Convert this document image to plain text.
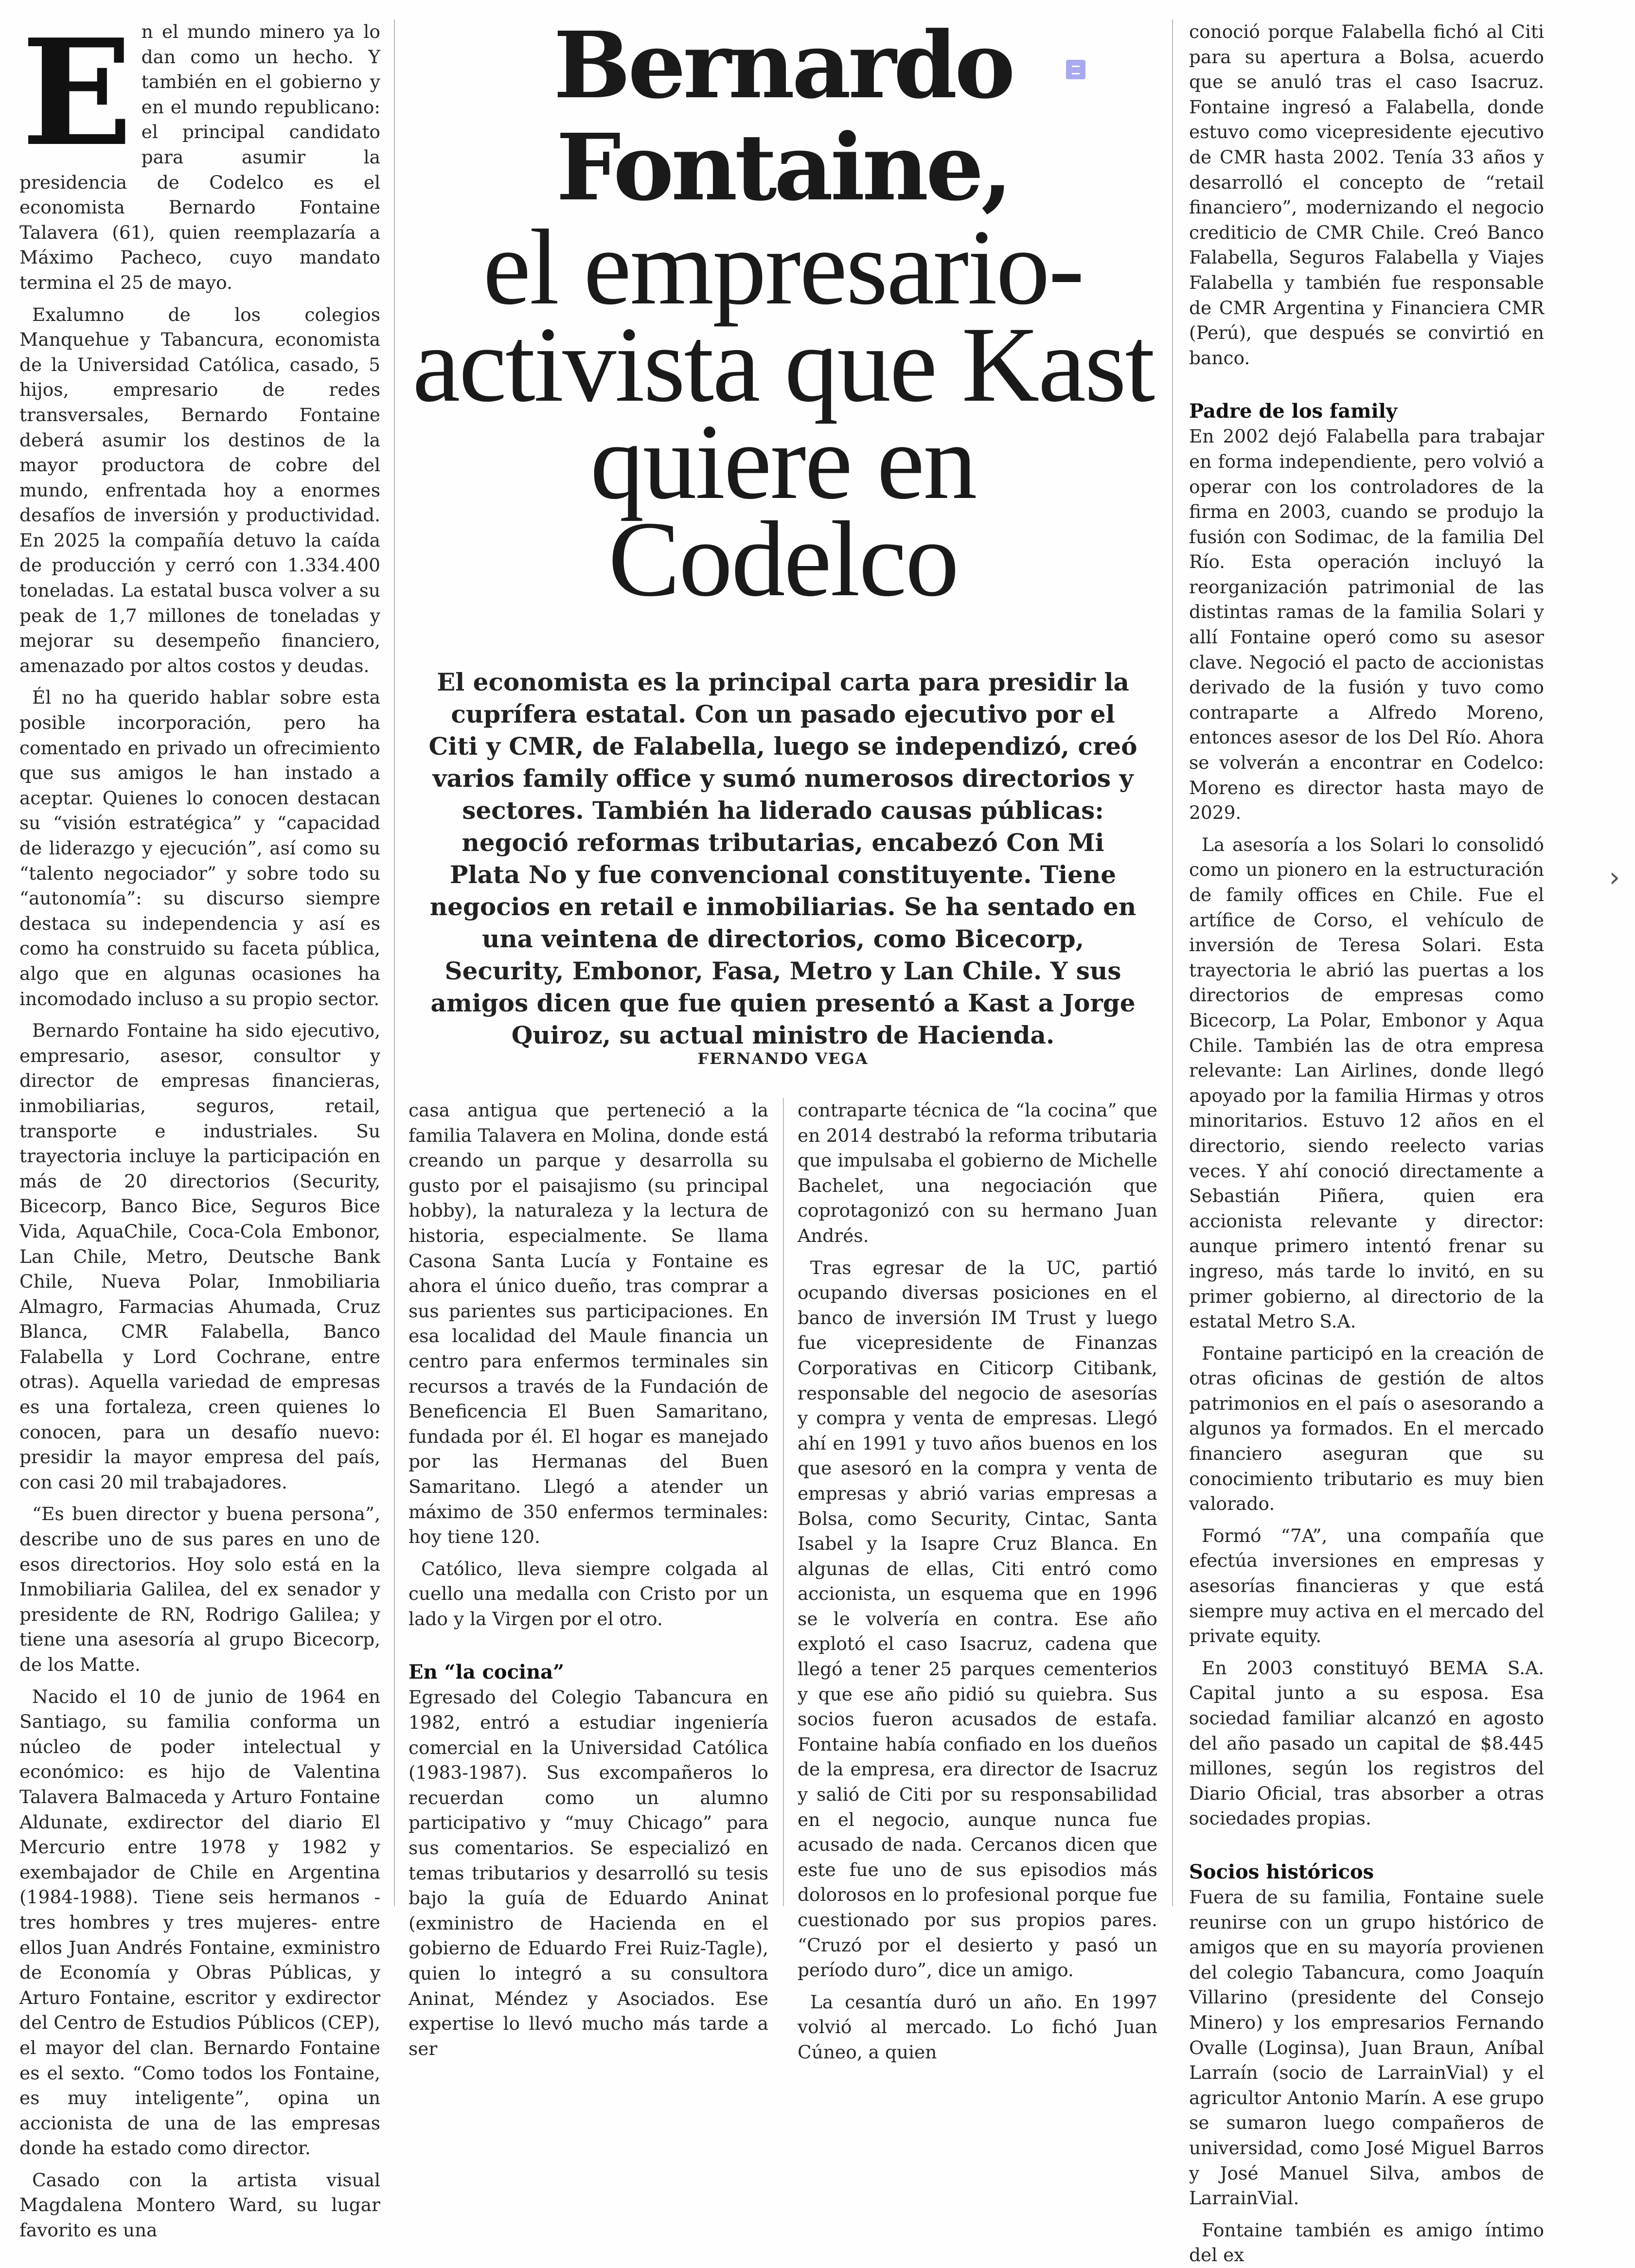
E n el mundo minero ya lo dan como un hecho. Y también en el gobierno y en el mundo republicano: el principal candidato para asumir la presidencia de Codelco es el economista Bernardo Fontaine Talavera (61), quien reemplazaría a Máximo Pacheco, cuyo mandato termina el 25 de mayo.

Exalumno de los colegios Manquehue y Tabancura, economista de la Universidad Católica, casado, 5 hijos, empresario de redes transversales, Bernardo Fontaine deberá asumir los destinos de la mayor productora de cobre del mundo, enfrentada hoy a enormes desafíos de inversión y productividad. En 2025 la compañía detuvo la caída de producción y cerró con 1.334.400 toneladas. La estatal busca volver a su peak de 1,7 millones de toneladas y mejorar su desempeño financiero, amenazado por altos costos y deudas.

Él no ha querido hablar sobre esta posible incorporación, pero ha comentado en privado un ofrecimiento que sus amigos le han instado a aceptar. Quienes lo conocen destacan su “visión estratégica” y “capacidad de liderazgo y ejecución”, así como su “talento negociador” y sobre todo su “autonomía”: su discurso siempre destaca su independencia y así es como ha construido su faceta pública, algo que en algunas ocasiones ha incomodado incluso a su propio sector.

Bernardo Fontaine ha sido ejecutivo, empresario, asesor, consultor y director de empresas financieras, inmobiliarias, seguros, retail, transporte e industriales. Su trayectoria incluye la participación en más de 20 directorios (Security, Bicecorp, Banco Bice, Seguros Bice Vida, AquaChile, Coca-Cola Embonor, Lan Chile, Metro, Deutsche Bank Chile, Nueva Polar, Inmobiliaria Almagro, Farmacias Ahumada, Cruz Blanca, CMR Falabella, Banco Falabella y Lord Cochrane, entre otras). Aquella variedad de empresas es una fortaleza, creen quienes lo conocen, para un desafío nuevo: presidir la mayor empresa del país, con casi 20 mil trabajadores.

“Es buen director y buena persona”, describe uno de sus pares en uno de esos directorios. Hoy solo está en la Inmobiliaria Galilea, del ex senador y presidente de RN, Rodrigo Galilea; y tiene una asesoría al grupo Bicecorp, de los Matte.

Nacido el 10 de junio de 1964 en Santiago, su familia conforma un núcleo de poder intelectual y económico: es hijo de Valentina Talavera Balmaceda y Arturo Fontaine Aldunate, exdirector del diario El Mercurio entre 1978 y 1982 y exembajador de Chile en Argentina (1984-1988). Tiene seis hermanos -tres hombres y tres mujeres- entre ellos Juan Andrés Fontaine, exministro de Economía y Obras Públicas, y Arturo Fontaine, escritor y exdirector del Centro de Estudios Públicos (CEP), el mayor del clan. Bernardo Fontaine es el sexto. “Como todos los Fontaine, es muy inteligente”, opina un accionista de una de las empresas donde ha estado como director.

Casado con la artista visual Magdalena Montero Ward, su lugar favorito es una

Bernardo
Fontaine,
el empresario-
activista que Kast
quiere en Codelco
El economista es la principal carta para presidir la cuprífera estatal. Con un pasado ejecutivo por el Citi y CMR, de Falabella, luego se independizó, creó varios family office y sumó numerosos directorios y sectores. También ha liderado causas públicas: negoció reformas tributarias, encabezó Con Mi Plata No y fue convencional constituyente. Tiene negocios en retail e inmobiliarias. Se ha sentado en una veintena de directorios, como Bicecorp, Security, Embonor, Fasa, Metro y Lan Chile. Y sus amigos dicen que fue quien presentó a Kast a Jorge Quiroz, su actual ministro de Hacienda.
FERNANDO VEGA

casa antigua que perteneció a la familia Talavera en Molina, donde está creando un parque y desarrolla su gusto por el paisajismo (su principal hobby), la naturaleza y la lectura de historia, especialmente. Se llama Casona Santa Lucía y Fontaine es ahora el único dueño, tras comprar a sus parientes sus participaciones. En esa localidad del Maule financia un centro para enfermos terminales sin recursos a través de la Fundación de Beneficencia El Buen Samaritano, fundada por él. El hogar es manejado por las Hermanas del Buen Samaritano. Llegó a atender un máximo de 350 enfermos terminales: hoy tiene 120.

Católico, lleva siempre colgada al cuello una medalla con Cristo por un lado y la Virgen por el otro.

En “la cocina”

Egresado del Colegio Tabancura en 1982, entró a estudiar ingeniería comercial en la Universidad Católica (1983-1987). Sus excompañeros lo recuerdan como un alumno participativo y “muy Chicago” para sus comentarios. Se especializó en temas tributarios y desarrolló su tesis bajo la guía de Eduardo Aninat (exministro de Hacienda en el gobierno de Eduardo Frei Ruiz-Tagle), quien lo integró a su consultora Aninat, Méndez y Asociados. Ese expertise lo llevó mucho más tarde a ser

contraparte técnica de “la cocina” que en 2014 destrabó la reforma tributaria que impulsaba el gobierno de Michelle Bachelet, una negociación que coprotagonizó con su hermano Juan Andrés.

Tras egresar de la UC, partió ocupando diversas posiciones en el banco de inversión IM Trust y luego fue vicepresidente de Finanzas Corporativas en Citicorp Citibank, responsable del negocio de asesorías y compra y venta de empresas. Llegó ahí en 1991 y tuvo años buenos en los que asesoró en la compra y venta de empresas y abrió varias empresas a Bolsa, como Security, Cintac, Santa Isabel y la Isapre Cruz Blanca. En algunas de ellas, Citi entró como accionista, un esquema que en 1996 se le volvería en contra. Ese año explotó el caso Isacruz, cadena que llegó a tener 25 parques cementerios y que ese año pidió su quiebra. Sus socios fueron acusados de estafa. Fontaine había confiado en los dueños de la empresa, era director de Isacruz y salió de Citi por su responsabilidad en el negocio, aunque nunca fue acusado de nada. Cercanos dicen que este fue uno de sus episodios más dolorosos en lo profesional porque fue cuestionado por sus propios pares. “Cruzó por el desierto y pasó un período duro”, dice un amigo.

La cesantía duró un año. En 1997 volvió al mercado. Lo fichó Juan Cúneo, a quien

conoció porque Falabella fichó al Citi para su apertura a Bolsa, acuerdo que se anuló tras el caso Isacruz. Fontaine ingresó a Falabella, donde estuvo como vicepresidente ejecutivo de CMR hasta 2002. Tenía 33 años y desarrolló el concepto de “retail financiero”, modernizando el negocio crediticio de CMR Chile. Creó Banco Falabella, Seguros Falabella y Viajes Falabella y también fue responsable de CMR Argentina y Financiera CMR (Perú), que después se convirtió en banco.

Padre de los family

En 2002 dejó Falabella para trabajar en forma independiente, pero volvió a operar con los controladores de la firma en 2003, cuando se produjo la fusión con Sodimac, de la familia Del Río. Esta operación incluyó la reorganización patrimonial de las distintas ramas de la familia Solari y allí Fontaine operó como su asesor clave. Negoció el pacto de accionistas derivado de la fusión y tuvo como contraparte a Alfredo Moreno, entonces asesor de los Del Río. Ahora se volverán a encontrar en Codelco: Moreno es director hasta mayo de 2029.

La asesoría a los Solari lo consolidó como un pionero en la estructuración de family offices en Chile. Fue el artífice de Corso, el vehículo de inversión de Teresa Solari. Esta trayectoria le abrió las puertas a los directorios de empresas como Bicecorp, La Polar, Embonor y Aqua Chile. También las de otra empresa relevante: Lan Airlines, donde llegó apoyado por la familia Hirmas y otros minoritarios. Estuvo 12 años en el directorio, siendo reelecto varias veces. Y ahí conoció directamente a Sebastián Piñera, quien era accionista relevante y director: aunque primero intentó frenar su ingreso, más tarde lo invitó, en su primer gobierno, al directorio de la estatal Metro S.A.

Fontaine participó en la creación de otras oficinas de gestión de altos patrimonios en el país o asesorando a algunos ya formados. En el mercado financiero aseguran que su conocimiento tributario es muy bien valorado.

Formó “7A”, una compañía que efectúa inversiones en empresas y asesorías financieras y que está siempre muy activa en el mercado del private equity.

En 2003 constituyó BEMA S.A. Capital junto a su esposa. Esa sociedad familiar alcanzó en agosto del año pasado un capital de $8.445 millones, según los registros del Diario Oficial, tras absorber a otras sociedades propias.

Socios históricos

Fuera de su familia, Fontaine suele reunirse con un grupo histórico de amigos que en su mayoría provienen del colegio Tabancura, como Joaquín Villarino (presidente del Consejo Minero) y los empresarios Fernando Ovalle (Loginsa), Juan Braun, Aníbal Larraín (socio de LarrainVial) y el agricultor Antonio Marín. A ese grupo se sumaron luego compañeros de universidad, como José Miguel Barros y José Manuel Silva, ambos de LarrainVial.

Fontaine también es amigo íntimo del ex

›
